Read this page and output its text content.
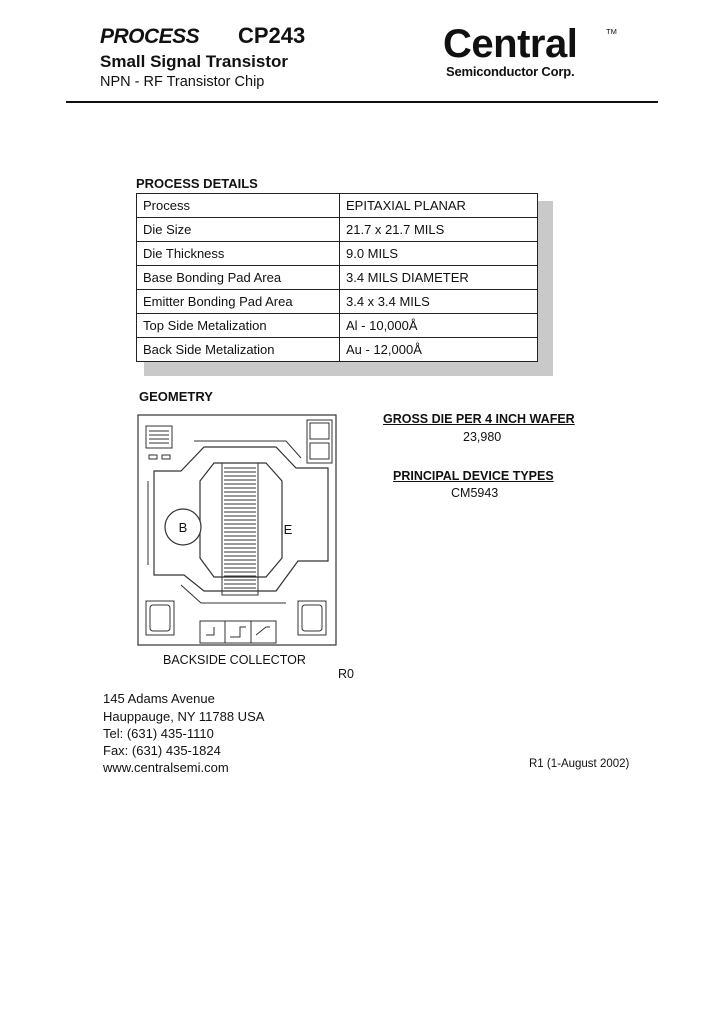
PROCESS CP243
Small Signal Transistor
NPN - RF Transistor Chip
Central	TM
Semiconductor Corp.
PROCESS DETAILS
Process	EPITAXIAL PLANAR
Die Size	21.7 x 21.7 MILS
Die Thickness	9.0 MILS
Base Bonding Pad Area	3.4 MILS DIAMETER
Emitter Bonding Pad Area	3.4 x 3.4 MILS
Top Side Metalization	Al - 10,000Å
Back Side Metalization	Au - 12,000Å
GEOMETRY
B	E
BACKSIDE COLLECTOR
R0
GROSS DIE PER 4 INCH WAFER
23,980
PRINCIPAL DEVICE TYPES
CM5943
145 Adams Avenue
Hauppauge, NY 11788 USA
Tel: (631) 435-1110
Fax: (631) 435-1824
www.centralsemi.com	R1 (1-August 2002)
